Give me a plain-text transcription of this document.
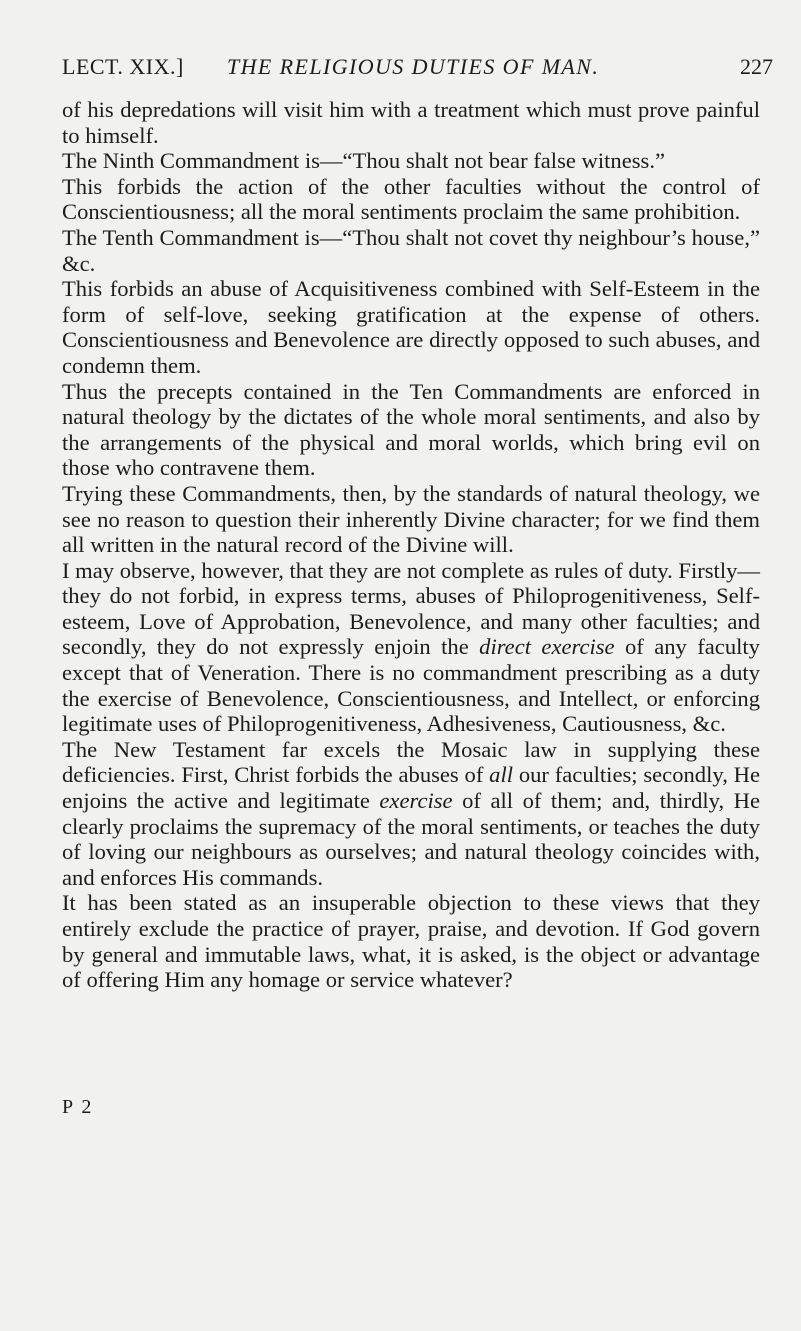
LECT. XIX.] THE RELIGIOUS DUTIES OF MAN.	227

of his depredations will visit him with a treatment which must prove painful to himself.

The Ninth Commandment is—“Thou shalt not bear false witness.”

This forbids the action of the other faculties without the control of Conscientiousness; all the moral sentiments proclaim the same prohibition.

The Tenth Commandment is—“Thou shalt not covet thy neighbour’s house,” &c.

This forbids an abuse of Acquisitiveness combined with Self-Esteem in the form of self-love, seeking gratification at the expense of others. Conscientiousness and Benevolence are directly opposed to such abuses, and condemn them.

Thus the precepts contained in the Ten Commandments are enforced in natural theology by the dictates of the whole moral sentiments, and also by the arrangements of the physical and moral worlds, which bring evil on those who contravene them.

Trying these Commandments, then, by the standards of natural theology, we see no reason to question their inherently Divine character; for we find them all written in the natural record of the Divine will.

I may observe, however, that they are not complete as rules of duty. Firstly—they do not forbid, in express terms, abuses of Philoprogenitiveness, Self-esteem, Love of Approbation, Benevolence, and many other faculties; and secondly, they do not expressly enjoin the direct exercise of any faculty except that of Veneration. There is no commandment prescribing as a duty the exercise of Benevolence, Conscientiousness, and Intellect, or enforcing legitimate uses of Philoprogenitiveness, Adhesiveness, Cautiousness, &c.

The New Testament far excels the Mosaic law in supplying these deficiencies. First, Christ forbids the abuses of all our faculties; secondly, He enjoins the active and legitimate exercise of all of them; and, thirdly, He clearly proclaims the supremacy of the moral sentiments, or teaches the duty of loving our neighbours as ourselves; and natural theology coincides with, and enforces His commands.

It has been stated as an insuperable objection to these views that they entirely exclude the practice of prayer, praise, and devotion. If God govern by general and immutable laws, what, it is asked, is the object or advantage of offering Him any homage or service whatever?

P 2
